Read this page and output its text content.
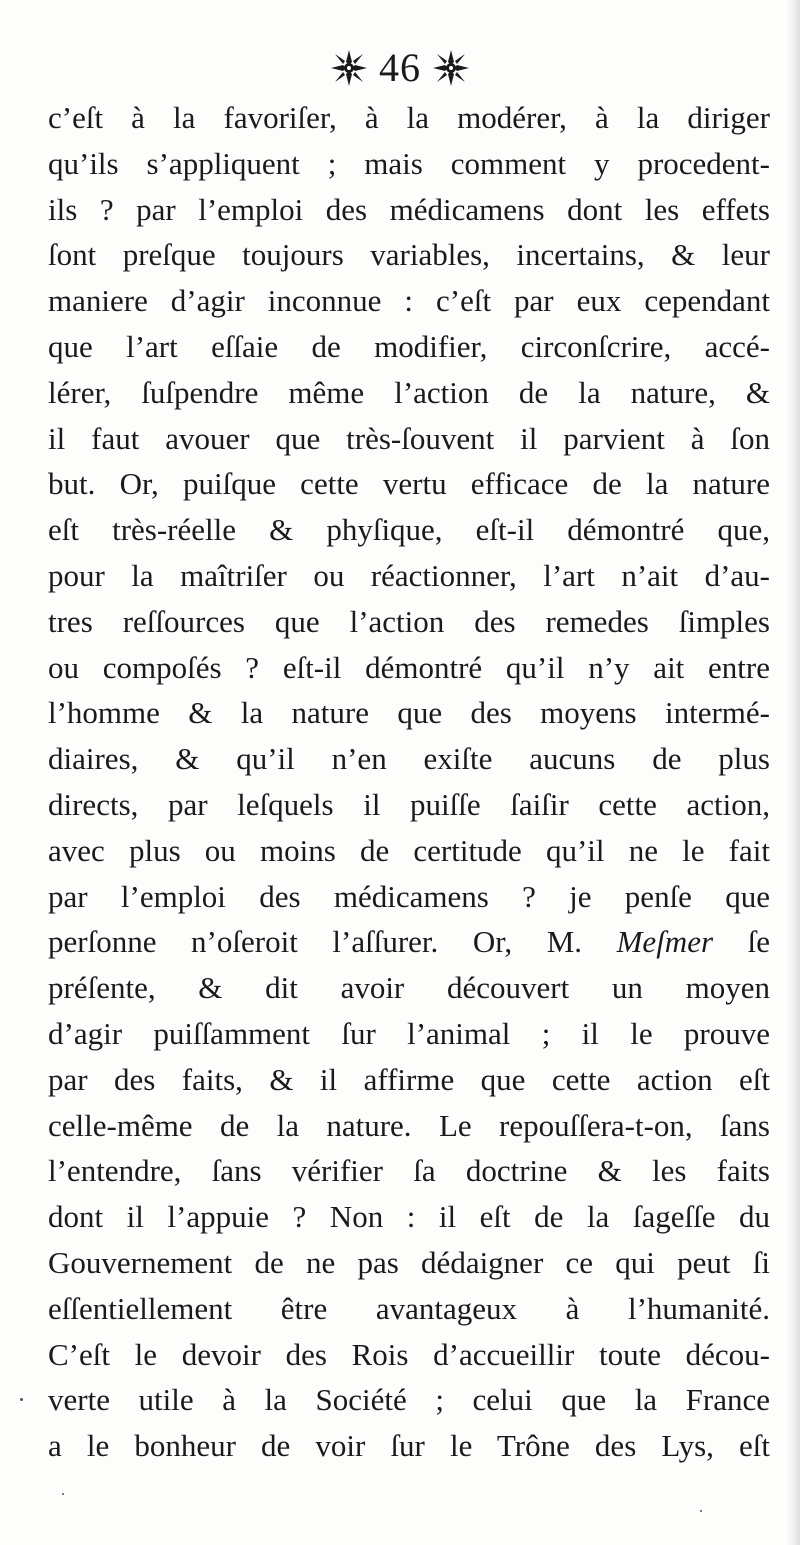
46
c’eſt à la favoriſer, à la modérer, à la diriger
qu’ils s’appliquent ; mais comment y procedent-
ils ? par l’emploi des médicamens dont les effets
ſont preſque toujours variables, incertains, & leur
maniere d’agir inconnue : c’eſt par eux cependant
que l’art eſſaie de modifier, circonſcrire, accé-
lérer, ſuſpendre même l’action de la nature, &
il faut avouer que très-ſouvent il parvient à ſon
but. Or, puiſque cette vertu efficace de la nature
eſt très-réelle & phyſique, eſt-il démontré que,
pour la maîtriſer ou réactionner, l’art n’ait d’au-
tres reſſources que l’action des remedes ſimples
ou compoſés ? eſt-il démontré qu’il n’y ait entre
l’homme & la nature que des moyens intermé-
diaires, & qu’il n’en exiſte aucuns de plus
directs, par leſquels il puiſſe ſaiſir cette action,
avec plus ou moins de certitude qu’il ne le fait
par l’emploi des médicamens ? je penſe que
perſonne n’oſeroit l’aſſurer. Or, M. Meſmer ſe
préſente, & dit avoir découvert un moyen
d’agir puiſſamment ſur l’animal ; il le prouve
par des faits, & il affirme que cette action eſt
celle-même de la nature. Le repouſſera-t-on, ſans
l’entendre, ſans vérifier ſa doctrine & les faits
dont il l’appuie ? Non : il eſt de la ſageſſe du
Gouvernement de ne pas dédaigner ce qui peut ſi
eſſentiellement être avantageux à l’humanité.
C’eſt le devoir des Rois d’accueillir toute décou-
verte utile à la Société ; celui que la France
a le bonheur de voir ſur le Trône des Lys, eſt
